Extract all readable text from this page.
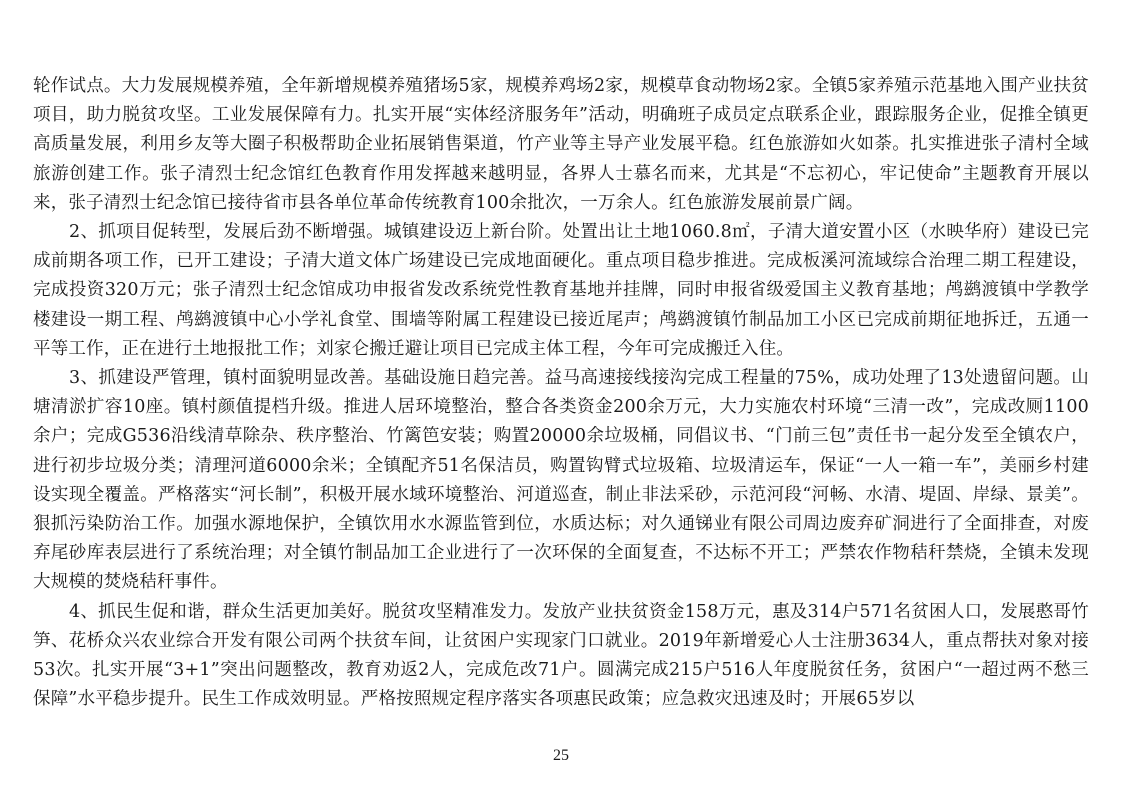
轮作试点。大力发展规模养殖，全年新增规模养殖猪场5家，规模养鸡场2家，规模草食动物场2家。全镇5家养殖示范基地入围产业扶贫项目，助力脱贫攻坚。工业发展保障有力。扎实开展“实体经济服务年”活动，明确班子成员定点联系企业，跟踪服务企业，促推全镇更高质量发展，利用乡友等大圈子积极帮助企业拓展销售渠道，竹产业等主导产业发展平稳。红色旅游如火如荼。扎实推进张子清村全域旅游创建工作。张子清烈士纪念馆红色教育作用发挥越来越明显，各界人士慕名而来，尤其是“不忘初心，牢记使命”主题教育开展以来，张子清烈士纪念馆已接待省市县各单位革命传统教育100余批次，一万余人。红色旅游发展前景广阔。

2、抓项目促转型，发展后劲不断增强。城镇建设迈上新台阶。处置出让土地1060.8㎡，子清大道安置小区（水映华府）建设已完成前期各项工作，已开工建设；子清大道文体广场建设已完成地面硬化。重点项目稳步推进。完成板溪河流域综合治理二期工程建设，完成投资320万元；张子清烈士纪念馆成功申报省发改系统党性教育基地并挂牌，同时申报省级爱国主义教育基地；鸬鹚渡镇中学教学楼建设一期工程、鸬鹚渡镇中心小学礼食堂、围墙等附属工程建设已接近尾声；鸬鹚渡镇竹制品加工小区已完成前期征地拆迁，五通一平等工作，正在进行土地报批工作；刘家仑搬迁避让项目已完成主体工程，今年可完成搬迁入住。

3、抓建设严管理，镇村面貌明显改善。基础设施日趋完善。益马高速接线接沟完成工程量的75%，成功处理了13处遗留问题。山塘清淤扩容10座。镇村颜值提档升级。推进人居环境整治，整合各类资金200余万元，大力实施农村环境“三清一改”，完成改厕1100余户；完成G536沿线清草除杂、秩序整治、竹篱笆安装；购置20000余垃圾桶，同倡议书、“门前三包”责任书一起分发至全镇农户，进行初步垃圾分类；清理河道6000余米；全镇配齐51名保洁员，购置钩臂式垃圾箱、垃圾清运车，保证“一人一箱一车”，美丽乡村建设实现全覆盖。严格落实“河长制”，积极开展水域环境整治、河道巡查，制止非法采砂，示范河段“河畅、水清、堤固、岸绿、景美”。狠抓污染防治工作。加强水源地保护，全镇饮用水水源监管到位，水质达标；对久通锑业有限公司周边废弃矿洞进行了全面排查，对废弃尾砂库表层进行了系统治理；对全镇竹制品加工企业进行了一次环保的全面复查，不达标不开工；严禁农作物秸秆禁烧，全镇未发现大规模的焚烧秸秆事件。

4、抓民生促和谐，群众生活更加美好。脱贫攻坚精准发力。发放产业扶贫资金158万元，惠及314户571名贫困人口，发展憨哥竹笋、花桥众兴农业综合开发有限公司两个扶贫车间，让贫困户实现家门口就业。2019年新增爱心人士注册3634人，重点帮扶对象对接53次。扎实开展“3+1”突出问题整改，教育劝返2人，完成危改71户。圆满完成215户516人年度脱贫任务，贫困户“一超过两不愁三保障”水平稳步提升。民生工作成效明显。严格按照规定程序落实各项惠民政策；应急救灾迅速及时；开展65岁以

25
